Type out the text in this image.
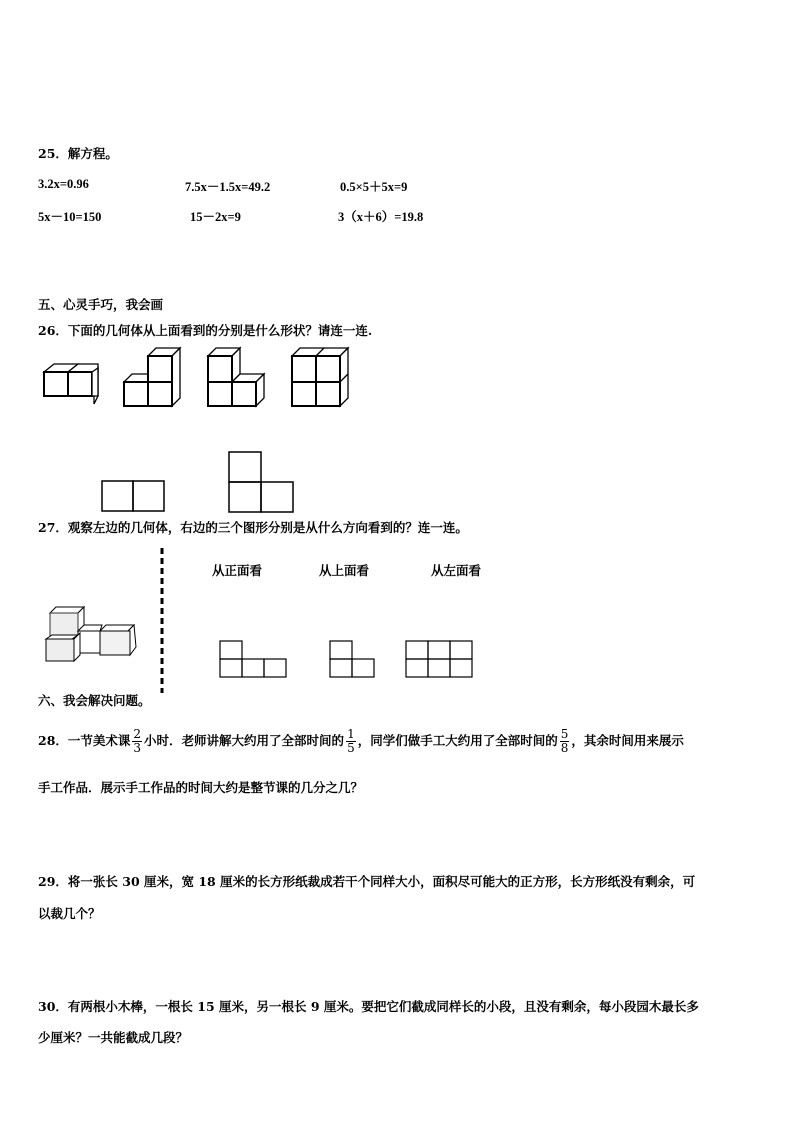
25．解方程。
3.2x=0.96	7.5x－1.5x=49.2	0.5×5＋5x=9
5x－10=150	15－2x=9	3（x＋6）=19.8
五、心灵手巧，我会画
26．下面的几何体从上面看到的分别是什么形状？请连一连.
27．观察左边的几何体，右边的三个图形分别是从什么方向看到的？连一连。
从正面看	从上面看	从左面看
六、我会解决问题。
28．一节美术课 $\frac{2}{3}$ 小时．老师讲解大约用了全部时间的 $\frac{1}{5}$ ，同学们做手工大约用了全部时间的 $\frac{5}{8}$ ，其余时间用来展示
手工作品．展示手工作品的时间大约是整节课的几分之几？
29．将一张长 30 厘米，宽 18 厘米的长方形纸裁成若干个同样大小，面积尽可能大的正方形，长方形纸没有剩余，可
以裁几个？
30．有两根小木棒，一根长 15 厘米，另一根长 9 厘米。要把它们截成同样长的小段，且没有剩余，每小段园木最长多
少厘米？一共能截成几段？
